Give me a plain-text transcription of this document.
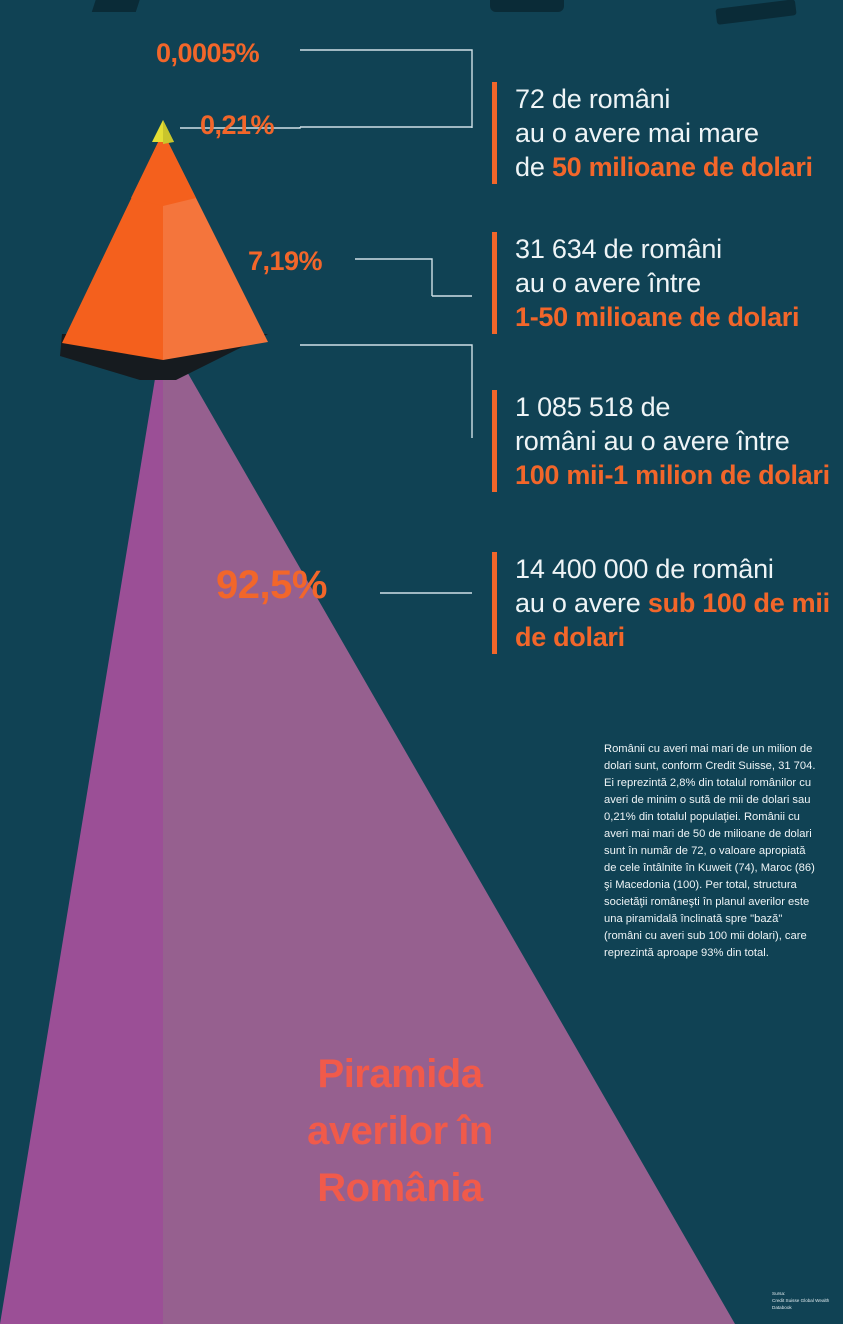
0,0005%
0,21%
7,19%
92,5%
72 de români
au o avere mai mare
de 50 milioane de dolari
31 634 de români
au o avere între
1-50 milioane de dolari
1 085 518 de
români au o avere între
100 mii-1 milion de dolari
14 400 000 de români
au o avere sub 100 de mii
de dolari

Românii cu averi mai mari de un milion de dolari sunt, conform Credit Suisse, 31 704. Ei reprezintă 2,8% din totalul românilor cu averi de minim o sută de mii de dolari sau 0,21% din totalul populaţiei. Românii cu averi mai mari de 50 de milioane de dolari sunt în număr de 72, o valoare apropiată de cele întâlnite în Kuweit (74), Maroc (86) şi Macedonia (100). Per total, structura societăţii româneşti în planul averilor este una piramidală înclinată spre "bază" (români cu averi sub 100 mii dolari), care reprezintă aproape 93% din total.

Piramida
averilor în
România
Sursa:
Credit Suisse Global Wealth Databook
